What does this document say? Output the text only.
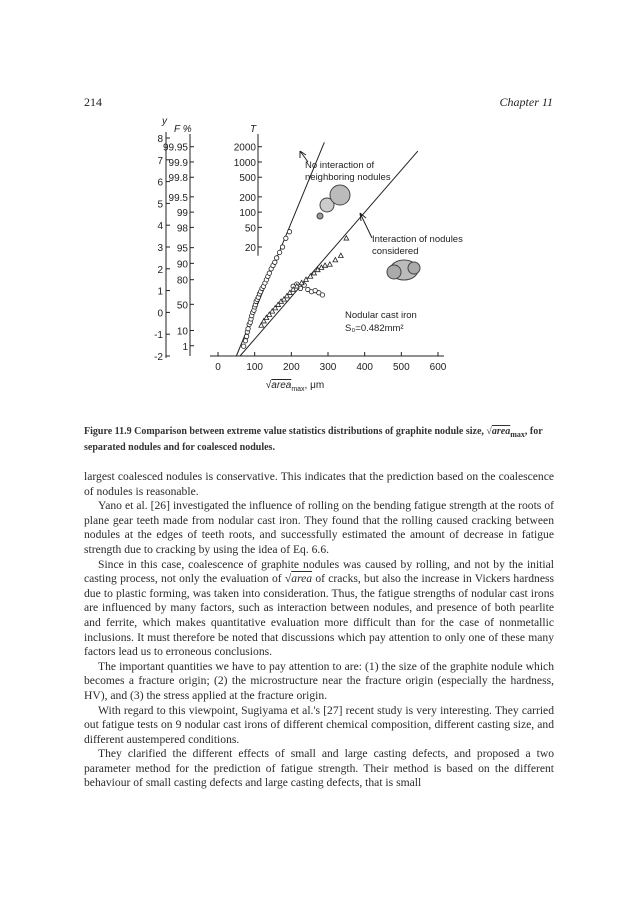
214	Chapter 11
y
8
7
6
5
4
3
2
1
0
-1
-2
F %	T
0	100 200 300 400 500 600
√area$_{max}$, μm
99.95
99.9
99.8
99.5
99
98
95
90
80
50
10
1
2000
1000
500
200
100
50
20
No interaction of
neighboring nodules
Interaction of nodules
considered
Nodular cast iron
S₀=0.482mm²
Figure 11.9 Comparison between extreme value statistics distributions of graphite nodule size, √area$_{max}$, for separated nodules and for coalesced nodules.

largest coalesced nodules is conservative. This indicates that the prediction based on the coalescence of nodules is reasonable.

Yano et al. [26] investigated the influence of rolling on the bending fatigue strength at the roots of plane gear teeth made from nodular cast iron. They found that the rolling caused cracking between nodules at the edges of teeth roots, and successfully estimated the amount of decrease in fatigue strength due to cracking by using the idea of Eq. 6.6.

Since in this case, coalescence of graphite nodules was caused by rolling, and not by the initial casting process, not only the evaluation of √area of cracks, but also the increase in Vickers hardness due to plastic forming, was taken into consideration. Thus, the fatigue strengths of nodular cast irons are influenced by many factors, such as interaction between nodules, and presence of both pearlite and ferrite, which makes quantitative evaluation more difficult than for the case of nonmetallic inclusions. It must therefore be noted that discussions which pay attention to only one of these many factors lead us to erroneous conclusions.

The important quantities we have to pay attention to are: (1) the size of the graphite nodule which becomes a fracture origin; (2) the microstructure near the fracture origin (especially the hardness, HV), and (3) the stress applied at the fracture origin.

With regard to this viewpoint, Sugiyama et al.'s [27] recent study is very interesting. They carried out fatigue tests on 9 nodular cast irons of different chemical composition, different casting size, and different austempered conditions.

They clarified the different effects of small and large casting defects, and proposed a two parameter method for the prediction of fatigue strength. Their method is based on the different behaviour of small casting defects and large casting defects, that is small
